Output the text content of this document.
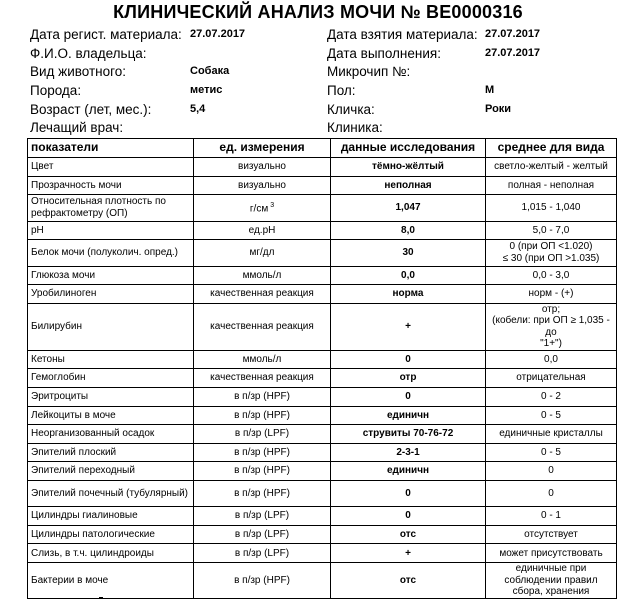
КЛИНИЧЕСКИЙ АНАЛИЗ МОЧИ № ВЕ0000316
Дата регист. материала: 27.07.2017	Дата взятия материала: 27.07.2017
Ф.И.О. владельца:	Дата выполнения:	27.07.2017
Вид животного:	Собака	Микрочип №:
Порода:	метис	Пол:	М
Возраст (лет, мес.):	5,4	Кличка:	Роки
Лечащий врач:	Клиника:
показатели	ед. измерения	данные исследования	среднее для вида
Цвет	визуально	тёмно-жёлтый	светло-желтый - желтый
Прозрачность мочи	визуально	неполная	полная - неполная
Относительная плотность по рефрактометру (ОП)	г/см $^3$	1,047	1,015 - 1,040
pH	ед.pH	8,0	5,0 - 7,0
Белок мочи (полуколич. опред.)	мг/дл	30	0 (при ОП <1.020)
≤ 30 (при ОП >1.035)
Глюкоза мочи	ммоль/л	0,0	0,0 - 3,0
Уробилиноген	качественная реакция	норма	норм - (+)
Билирубин	качественная реакция	+	отр;
(кобели: при ОП ≥ 1,035 - до
"1+")
Кетоны	ммоль/л	0	0,0
Гемоглобин	качественная реакция	отр	отрицательная
Эритроциты	в п/зр (HPF)	0	0 - 2
Лейкоциты в моче	в п/зр (HPF)	единичн	0 - 5
Неорганизованный осадок	в п/зр (LPF)	струвиты 70-76-72	единичные кристаллы
Эпителий плоский	в п/зр (HPF)	2-3-1	0 - 5
Эпителий переходный	в п/зр (HPF)	единичн	0
Эпителий почечный (тубулярный)	в п/зр (HPF)	0	0
Цилиндры гиалиновые	в п/зр (LPF)	0	0 - 1
Цилиндры патологические	в п/зр (LPF)	отс	отсутствует
Слизь, в т.ч. цилиндроиды	в п/зр (LPF)	+	может присутствовать
Бактерии в моче	в п/зр (HPF)	отс	единичные при соблюдении правил сбора, хранения
